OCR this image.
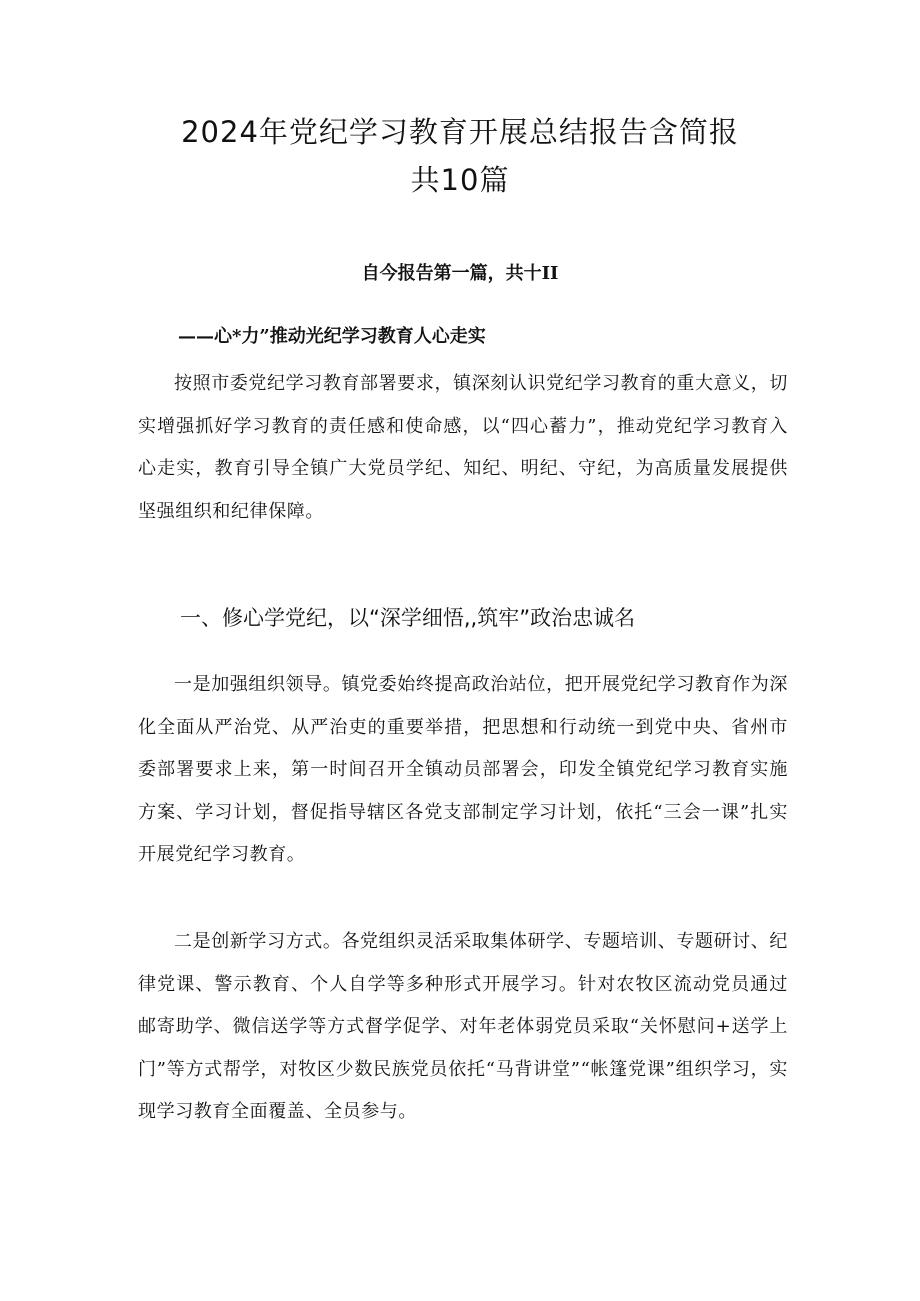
2024年党纪学习教育开展总结报告含简报
共10篇

自今报告第一篇，共十II

——心*力”推动光纪学习教育人心走实

按照市委党纪学习教育部署要求，镇深刻认识党纪学习教育的重大意义，切实增强抓好学习教育的责任感和使命感，以“四心蓄力”，推动党纪学习教育入心走实，教育引导全镇广大党员学纪、知纪、明纪、守纪，为高质量发展提供坚强组织和纪律保障。

一、修心学党纪，以“深学细悟,,筑牢”政治忠诚名

一是加强组织领导。镇党委始终提高政治站位，把开展党纪学习教育作为深化全面从严治党、从严治吏的重要举措，把思想和行动统一到党中央、省州市委部署要求上来，第一时间召开全镇动员部署会，印发全镇党纪学习教育实施方案、学习计划，督促指导辖区各党支部制定学习计划，依托“三会一课”扎实开展党纪学习教育。

二是创新学习方式。各党组织灵活采取集体研学、专题培训、专题研讨、纪律党课、警示教育、个人自学等多种形式开展学习。针对农牧区流动党员通过邮寄助学、微信送学等方式督学促学、对年老体弱党员采取“关怀慰问+送学上门”等方式帮学，对牧区少数民族党员依托“马背讲堂”“帐篷党课”组织学习，实现学习教育全面覆盖、全员参与。
